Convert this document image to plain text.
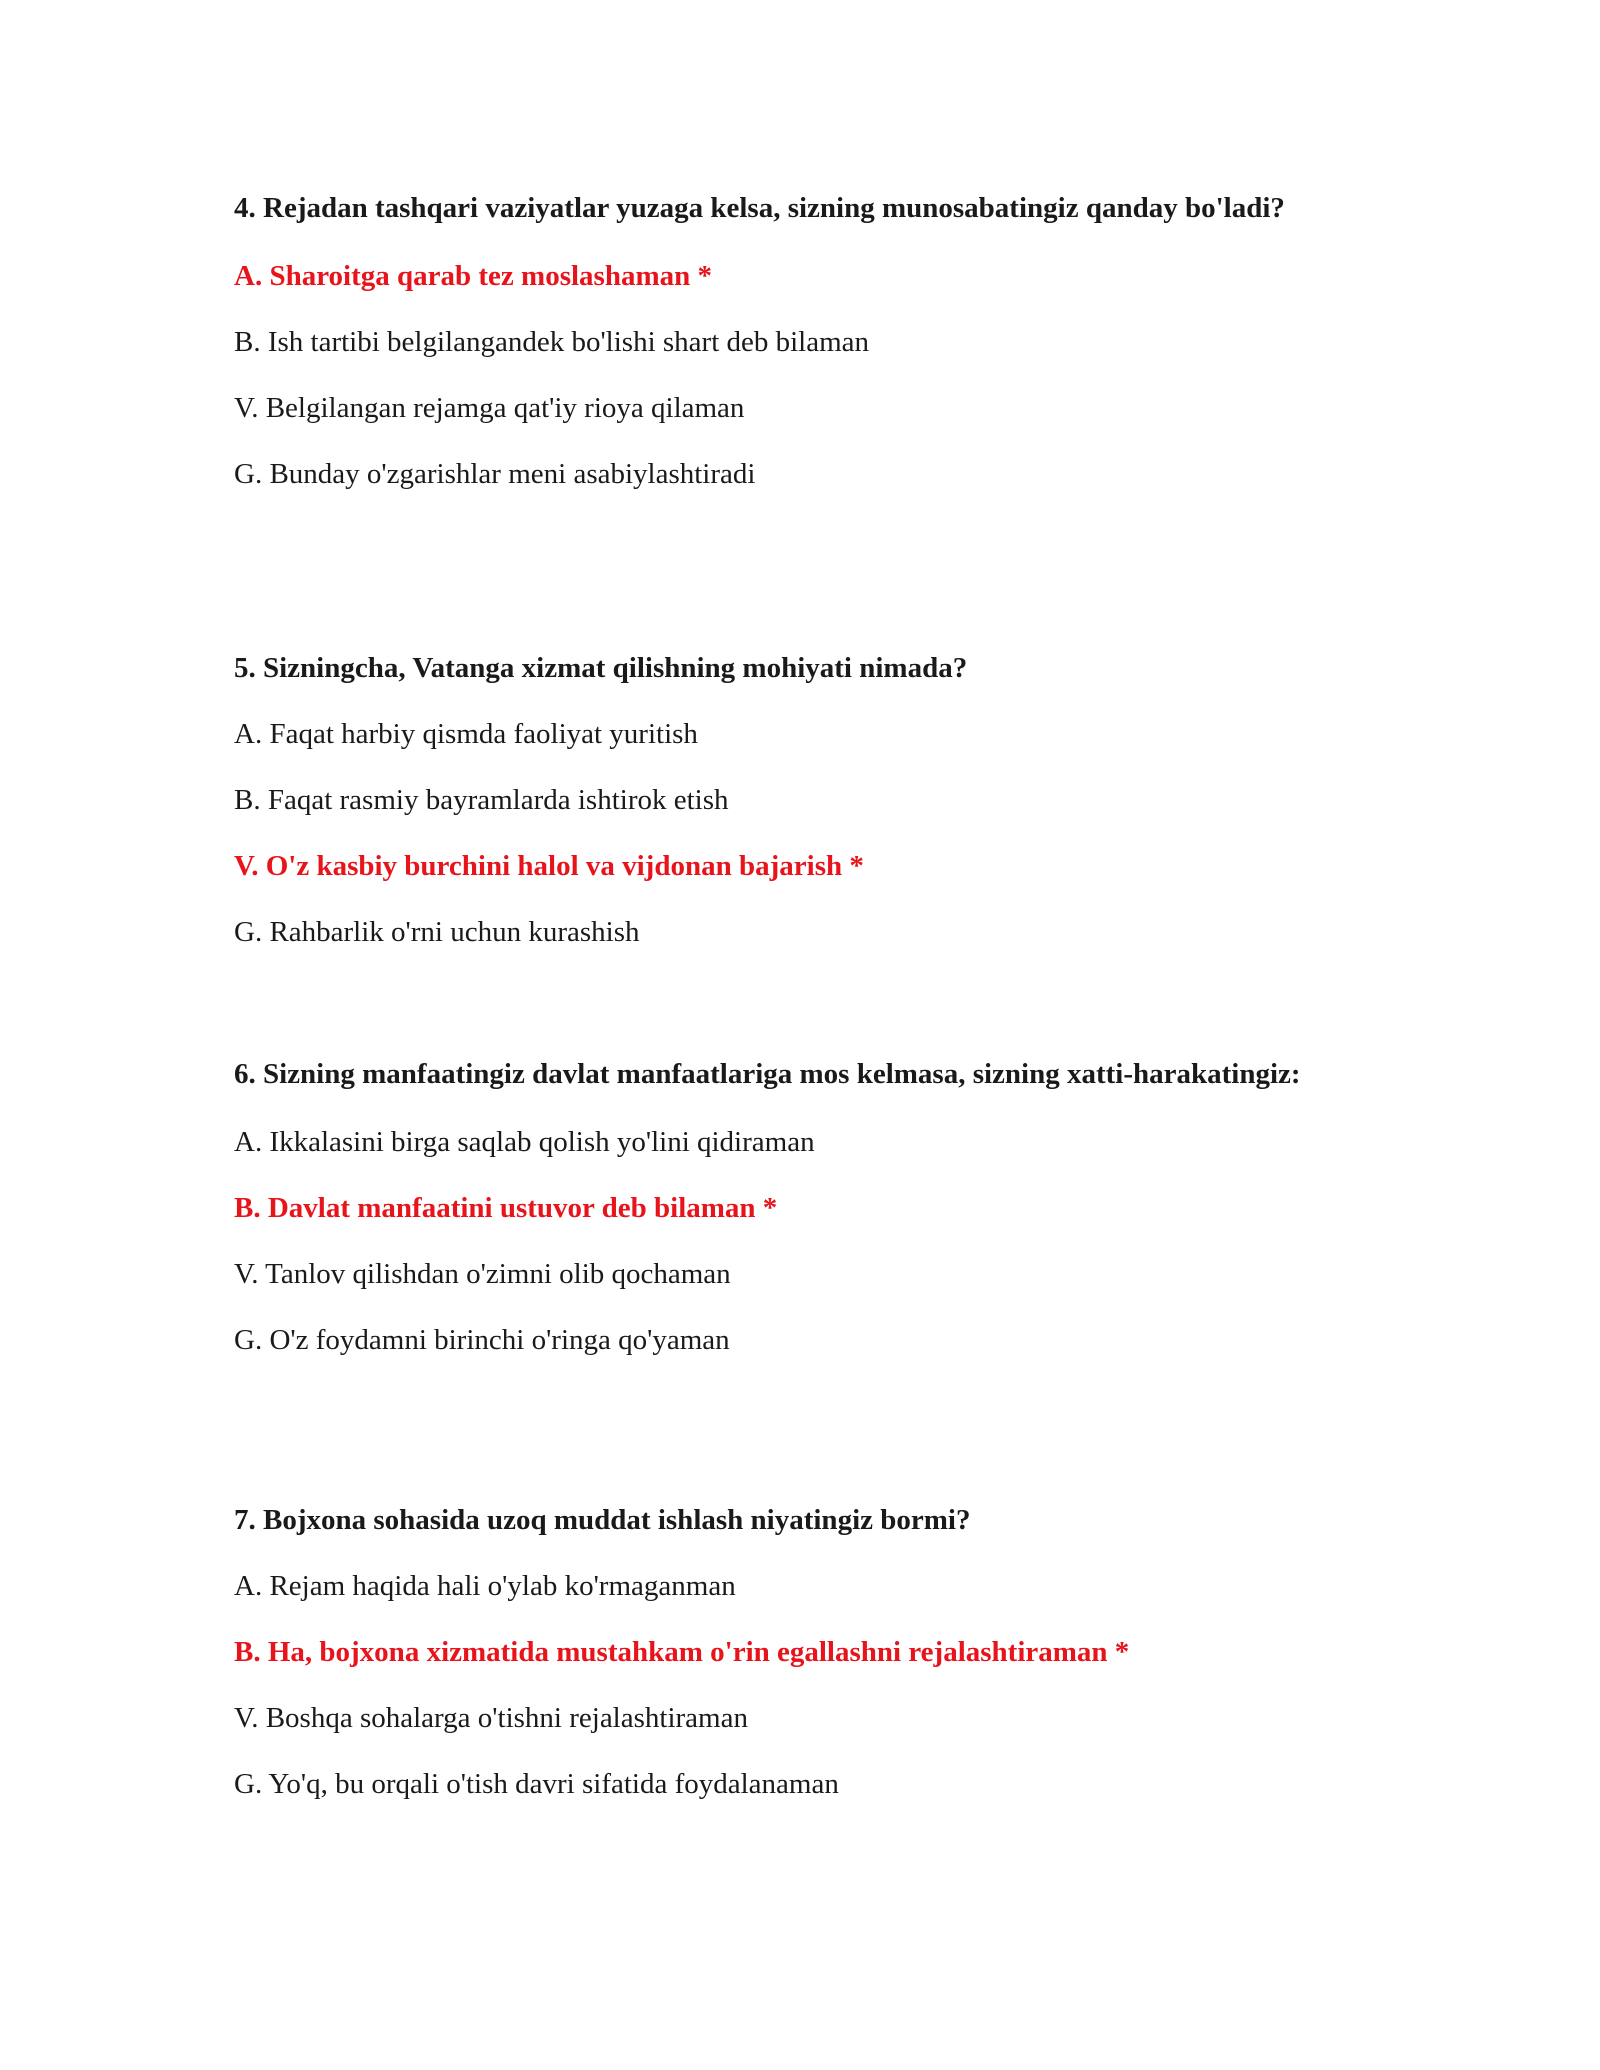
4. Rejadan tashqari vaziyatlar yuzaga kelsa, sizning munosabatingiz qanday bo'ladi?

A. Sharoitga qarab tez moslashaman *

B. Ish tartibi belgilangandek bo'lishi shart deb bilaman

V. Belgilangan rejamga qat'iy rioya qilaman

G. Bunday o'zgarishlar meni asabiylashtiradi

5. Sizningcha, Vatanga xizmat qilishning mohiyati nimada?

A. Faqat harbiy qismda faoliyat yuritish

B. Faqat rasmiy bayramlarda ishtirok etish

V. O'z kasbiy burchini halol va vijdonan bajarish *

G. Rahbarlik o'rni uchun kurashish

6. Sizning manfaatingiz davlat manfaatlariga mos kelmasa, sizning xatti-harakatingiz:

A. Ikkalasini birga saqlab qolish yo'lini qidiraman

B. Davlat manfaatini ustuvor deb bilaman *

V. Tanlov qilishdan o'zimni olib qochaman

G. O'z foydamni birinchi o'ringa qo'yaman

7. Bojxona sohasida uzoq muddat ishlash niyatingiz bormi?

A. Rejam haqida hali o'ylab ko'rmaganman

B. Ha, bojxona xizmatida mustahkam o'rin egallashni rejalashtiraman *

V. Boshqa sohalarga o'tishni rejalashtiraman

G. Yo'q, bu orqali o'tish davri sifatida foydalanaman
